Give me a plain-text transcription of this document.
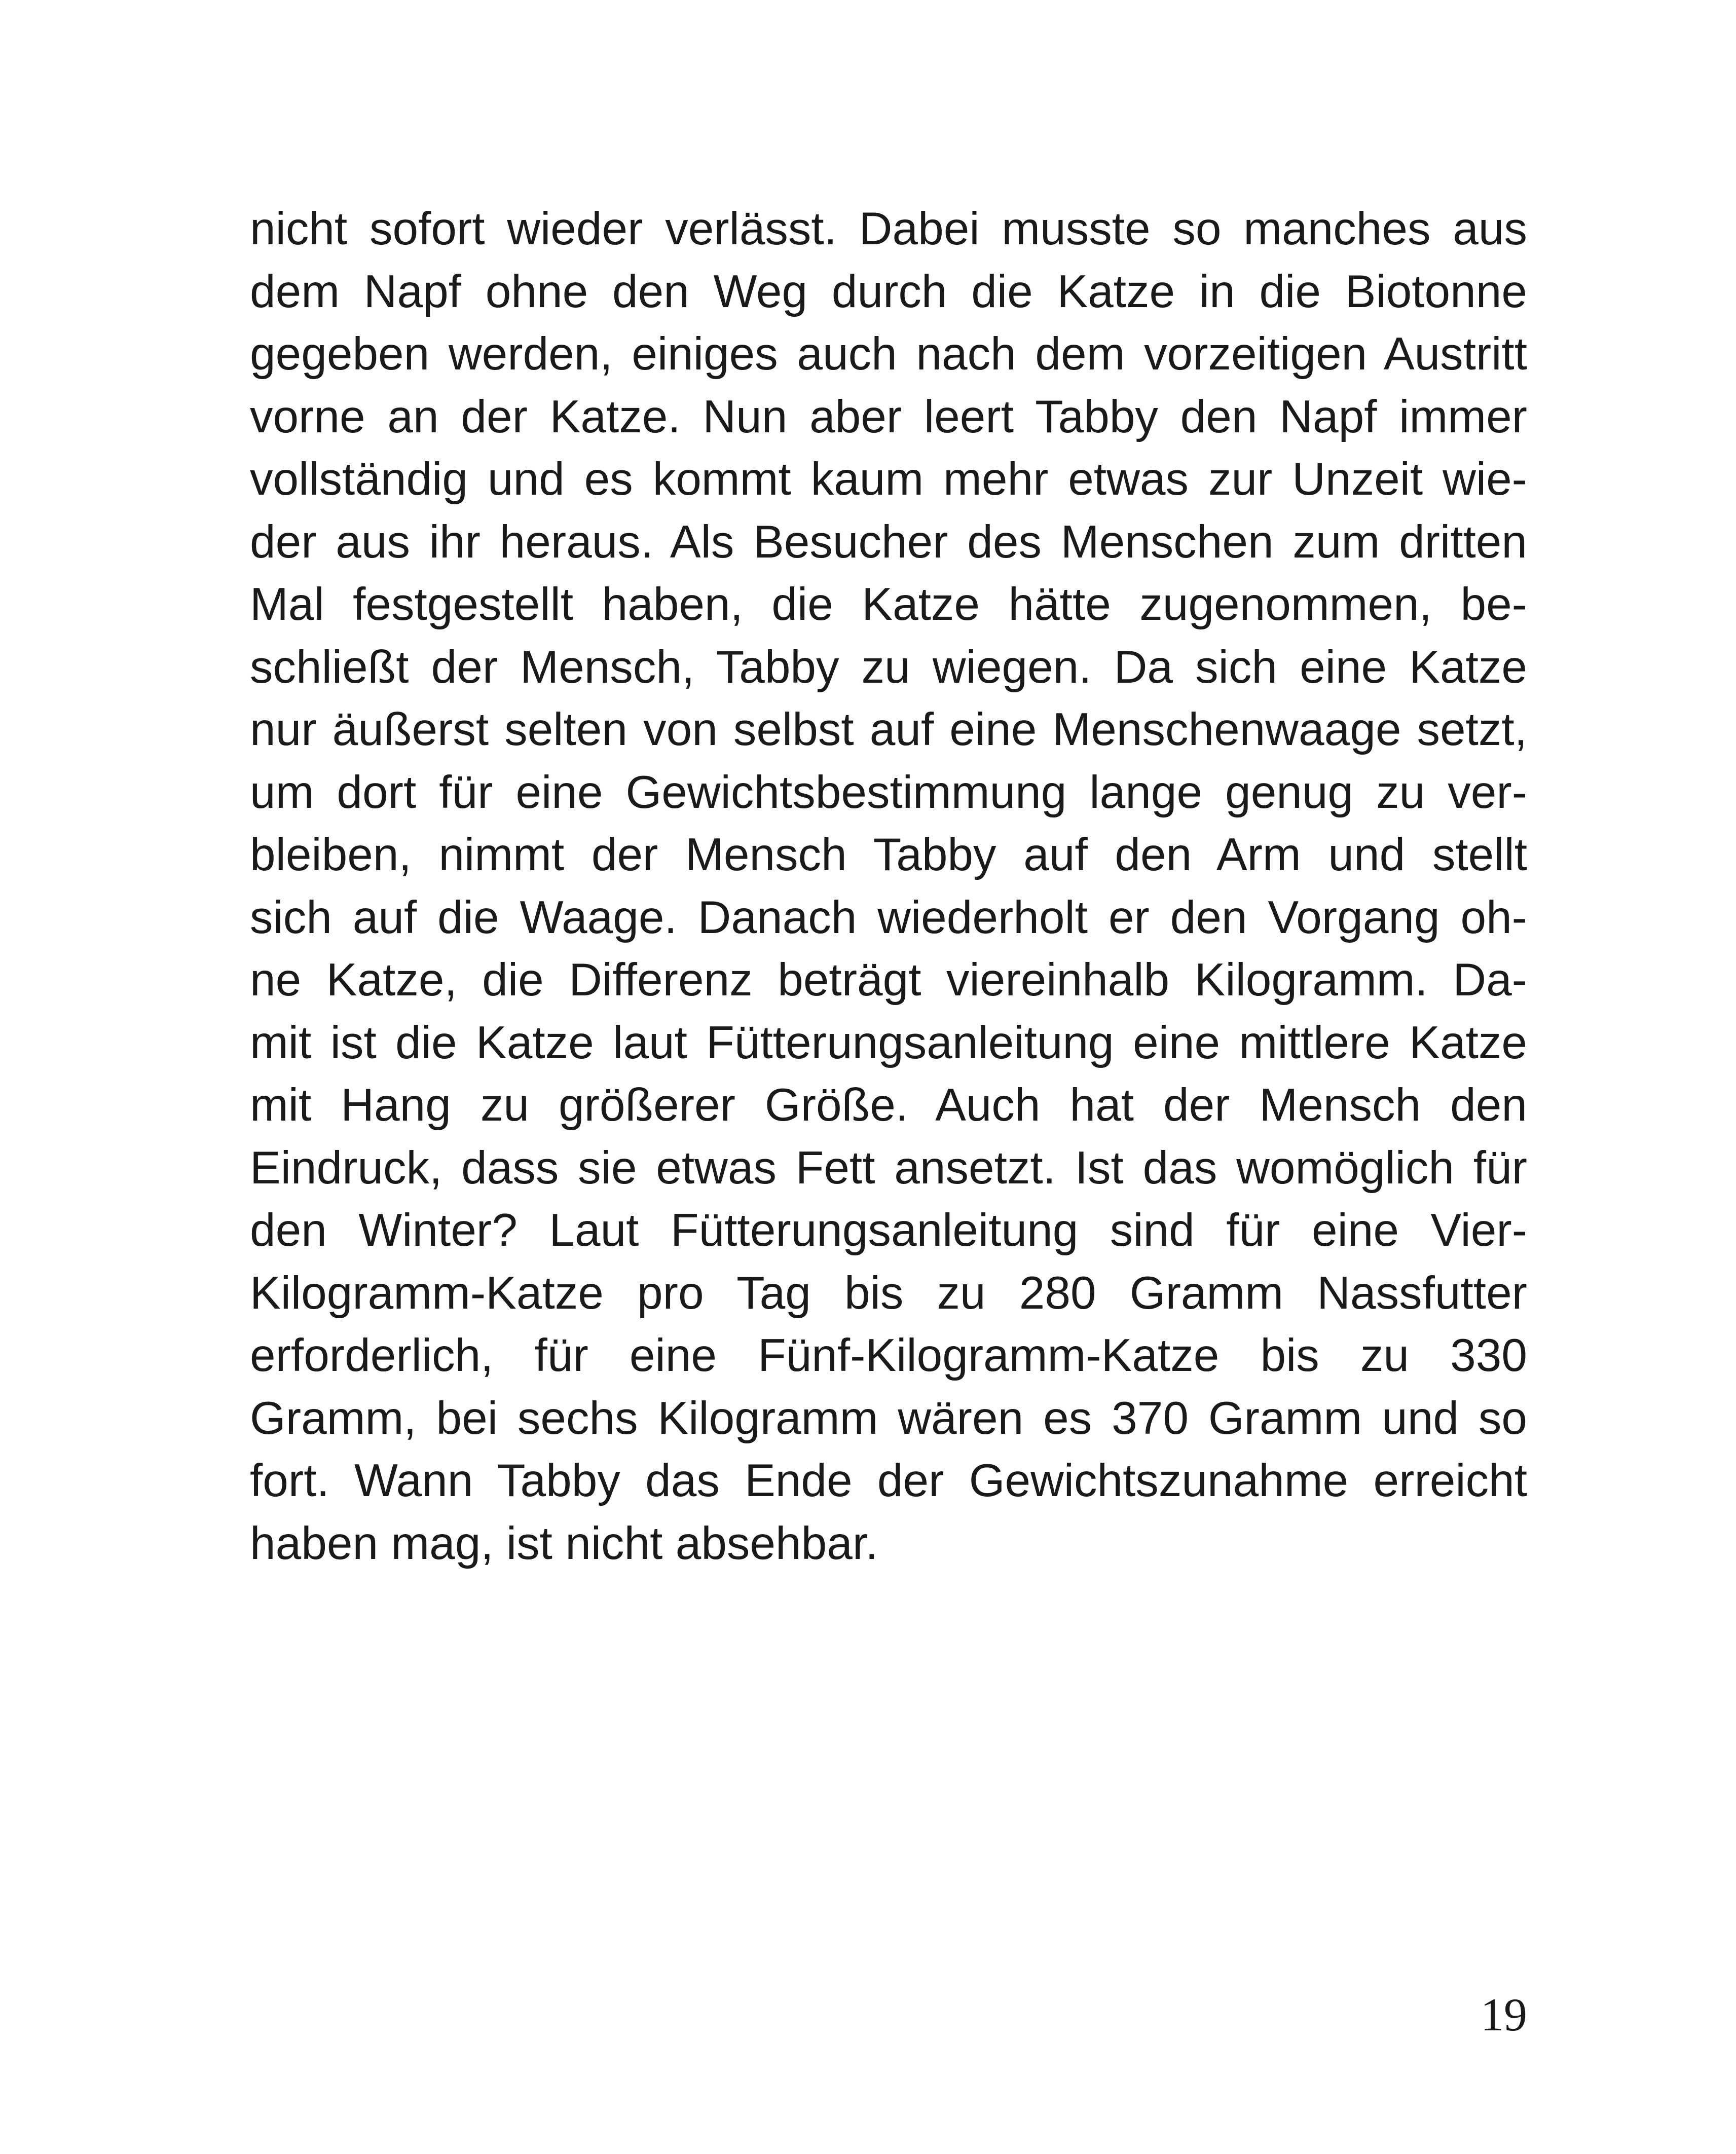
nicht sofort wieder verlässt. Dabei musste so manches aus
dem Napf ohne den Weg durch die Katze in die Biotonne
gegeben werden, einiges auch nach dem vorzeitigen Austritt
vorne an der Katze. Nun aber leert Tabby den Napf immer
vollständig und es kommt kaum mehr etwas zur Unzeit wie-
der aus ihr heraus. Als Besucher des Menschen zum dritten
Mal festgestellt haben, die Katze hätte zugenommen, be-
schließt der Mensch, Tabby zu wiegen. Da sich eine Katze
nur äußerst selten von selbst auf eine Menschenwaage setzt,
um dort für eine Gewichtsbestimmung lange genug zu ver-
bleiben, nimmt der Mensch Tabby auf den Arm und stellt
sich auf die Waage. Danach wiederholt er den Vorgang oh-
ne Katze, die Differenz beträgt viereinhalb Kilogramm. Da-
mit ist die Katze laut Fütterungsanleitung eine mittlere Katze
mit Hang zu größerer Größe. Auch hat der Mensch den
Eindruck, dass sie etwas Fett ansetzt. Ist das womöglich für
den Winter? Laut Fütterungsanleitung sind für eine Vier-
Kilogramm-Katze pro Tag bis zu 280 Gramm Nassfutter
erforderlich, für eine Fünf-Kilogramm-Katze bis zu 330
Gramm, bei sechs Kilogramm wären es 370 Gramm und so
fort. Wann Tabby das Ende der Gewichtszunahme erreicht
haben mag, ist nicht absehbar.
19
